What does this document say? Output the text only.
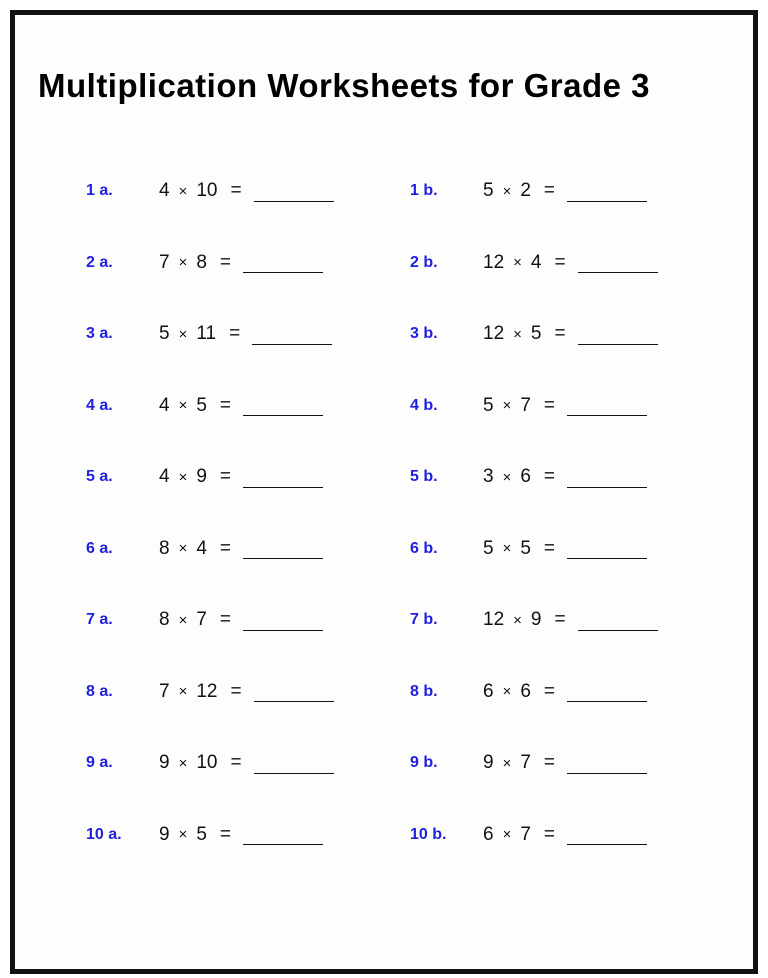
Multiplication Worksheets for Grade 3
1 a.	4 × 10 =
2 a.	7 × 8 =
3 a.	5 × 11 =
4 a.	4 × 5 =
5 a.	4 × 9 =
6 a.	8 × 4 =
7 a.	8 × 7 =
8 a.	7 × 12 =
9 a.	9 × 10 =
10 a.	9 × 5 =
1 b.	5 × 2 =
2 b.	12 × 4 =
3 b.	12 × 5 =
4 b.	5 × 7 =
5 b.	3 × 6 =
6 b.	5 × 5 =
7 b.	12 × 9 =
8 b.	6 × 6 =
9 b.	9 × 7 =
10 b.	6 × 7 =
